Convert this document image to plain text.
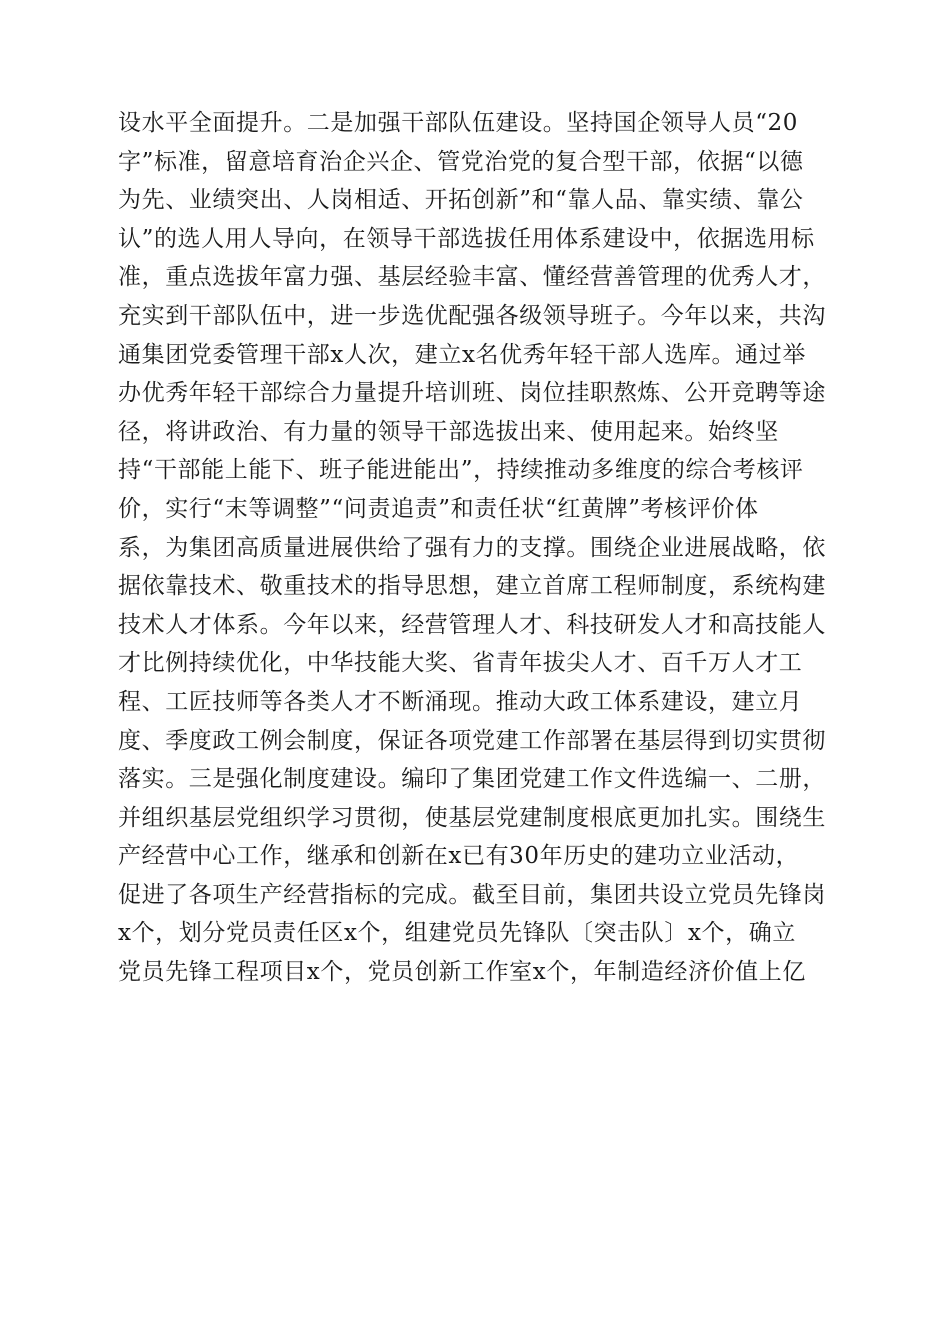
设水平全面提升。二是加强干部队伍建设。坚持国企领导人员“20
字”标准，留意培育治企兴企、管党治党的复合型干部，依据“以德
为先、业绩突出、人岗相适、开拓创新”和“靠人品、靠实绩、靠公
认”的选人用人导向，在领导干部选拔任用体系建设中，依据选用标
准，重点选拔年富力强、基层经验丰富、懂经营善管理的优秀人才，
充实到干部队伍中，进一步选优配强各级领导班子。今年以来，共沟
通集团党委管理干部x人次，建立x名优秀年轻干部人选库。通过举
办优秀年轻干部综合力量提升培训班、岗位挂职熬炼、公开竞聘等途
径，将讲政治、有力量的领导干部选拔出来、使用起来。始终坚
持“干部能上能下、班子能进能出”，持续推动多维度的综合考核评
价，实行“末等调整”“问责追责”和责任状“红黄牌”考核评价体
系，为集团高质量进展供给了强有力的支撑。围绕企业进展战略，依
据依靠技术、敬重技术的指导思想，建立首席工程师制度，系统构建
技术人才体系。今年以来，经营管理人才、科技研发人才和高技能人
才比例持续优化，中华技能大奖、省青年拔尖人才、百千万人才工
程、工匠技师等各类人才不断涌现。推动大政工体系建设，建立月
度、季度政工例会制度，保证各项党建工作部署在基层得到切实贯彻
落实。三是强化制度建设。编印了集团党建工作文件选编一、二册，
并组织基层党组织学习贯彻，使基层党建制度根底更加扎实。围绕生
产经营中心工作，继承和创新在x已有30年历史的建功立业活动，
促进了各项生产经营指标的完成。截至目前，集团共设立党员先锋岗
x个，划分党员责任区x个，组建党员先锋队〔突击队〕x个，确立
党员先锋工程项目x个，党员创新工作室x个，年制造经济价值上亿
